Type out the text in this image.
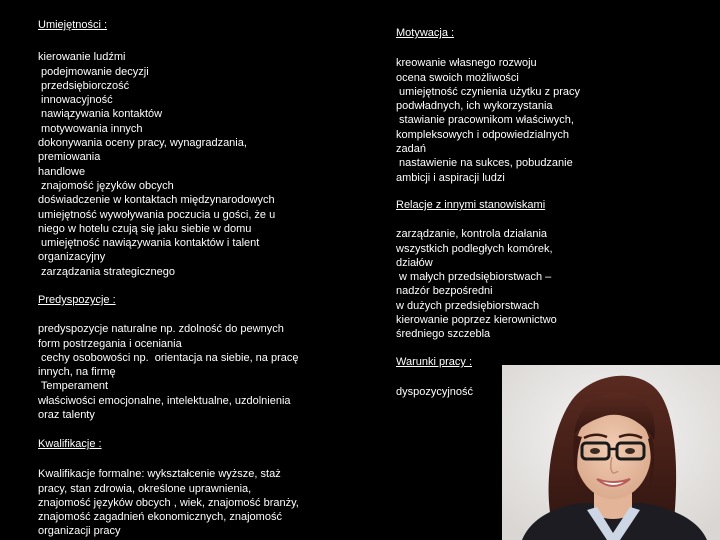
Umiejętności :

kierowanie ludźmi
podejmowanie decyzji
przedsiębiorczość
innowacyjność
nawiązywania kontaktów
motywowania innych
dokonywania oceny pracy, wynagradzania,
premiowania
handlowe
znajomość języków obcych
doświadczenie w kontaktach międzynarodowych
umiejętność wywoływania poczucia u gości, że u
niego w hotelu czują się jaku siebie w domu
umiejętność nawiązywania kontaktów i talent
organizacyjny
zarządzania strategicznego

Predyspozycje :

predyspozycje naturalne np. zdolność do pewnych
form postrzegania i oceniania
cechy osobowości np.  orientacja na siebie, na pracę
innych, na firmę
Temperament
właściwości emocjonalne, intelektualne, uzdolnienia
oraz talenty

Kwalifikacje :

Kwalifikacje formalne: wykształcenie wyższe, staż
pracy, stan zdrowia, określone uprawnienia,
znajomość języków obcych , wiek, znajomość branży,
znajomość zagadnień ekonomicznych, znajomość
organizacji pracy

Motywacja :

kreowanie własnego rozwoju
ocena swoich możliwości
umiejętność czynienia użytku z pracy
podwładnych, ich wykorzystania
stawianie pracownikom właściwych,
kompleksowych i odpowiedzialnych
zadań
nastawienie na sukces, pobudzanie
ambicji i aspiracji ludzi

Relacje z innymi stanowiskami

zarządzanie, kontrola działania
wszystkich podległych komórek,
działów
w małych przedsiębiorstwach –
nadzór bezpośredni
w dużych przedsiębiorstwach
kierowanie poprzez kierownictwo
średniego szczebla

Warunki pracy :

dyspozycyjność
